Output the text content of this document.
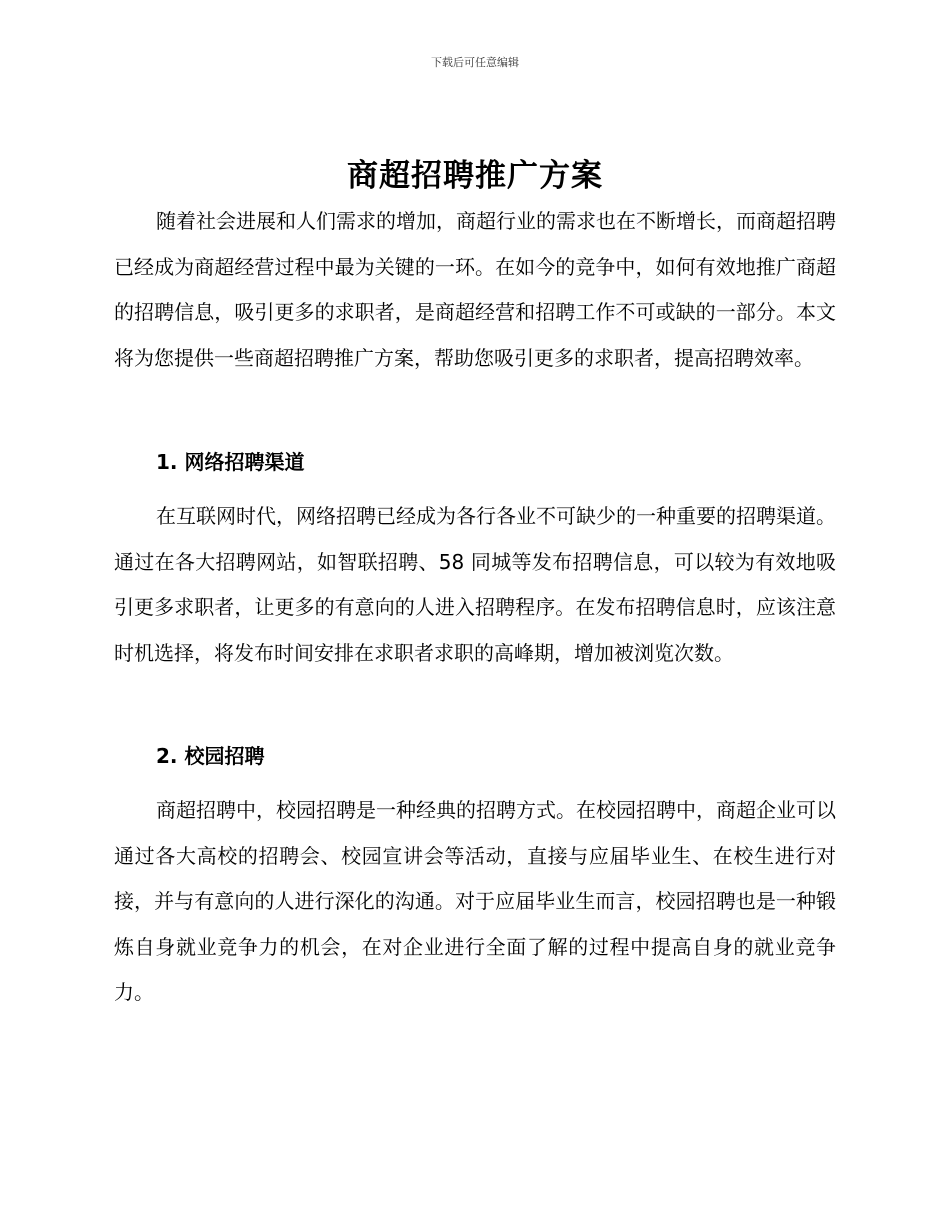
下载后可任意编辑
商超招聘推广方案

随着社会进展和人们需求的增加，商超行业的需求也在不断增长，而商超招聘已经成为商超经营过程中最为关键的一环。在如今的竞争中，如何有效地推广商超的招聘信息，吸引更多的求职者，是商超经营和招聘工作不可或缺的一部分。本文将为您提供一些商超招聘推广方案，帮助您吸引更多的求职者，提高招聘效率。

1. 网络招聘渠道

在互联网时代，网络招聘已经成为各行各业不可缺少的一种重要的招聘渠道。通过在各大招聘网站，如智联招聘、58 同城等发布招聘信息，可以较为有效地吸引更多求职者，让更多的有意向的人进入招聘程序。在发布招聘信息时，应该注意时机选择，将发布时间安排在求职者求职的高峰期，增加被浏览次数。

2. 校园招聘

商超招聘中，校园招聘是一种经典的招聘方式。在校园招聘中，商超企业可以通过各大高校的招聘会、校园宣讲会等活动，直接与应届毕业生、在校生进行对接，并与有意向的人进行深化的沟通。对于应届毕业生而言，校园招聘也是一种锻炼自身就业竞争力的机会，在对企业进行全面了解的过程中提高自身的就业竞争力。
